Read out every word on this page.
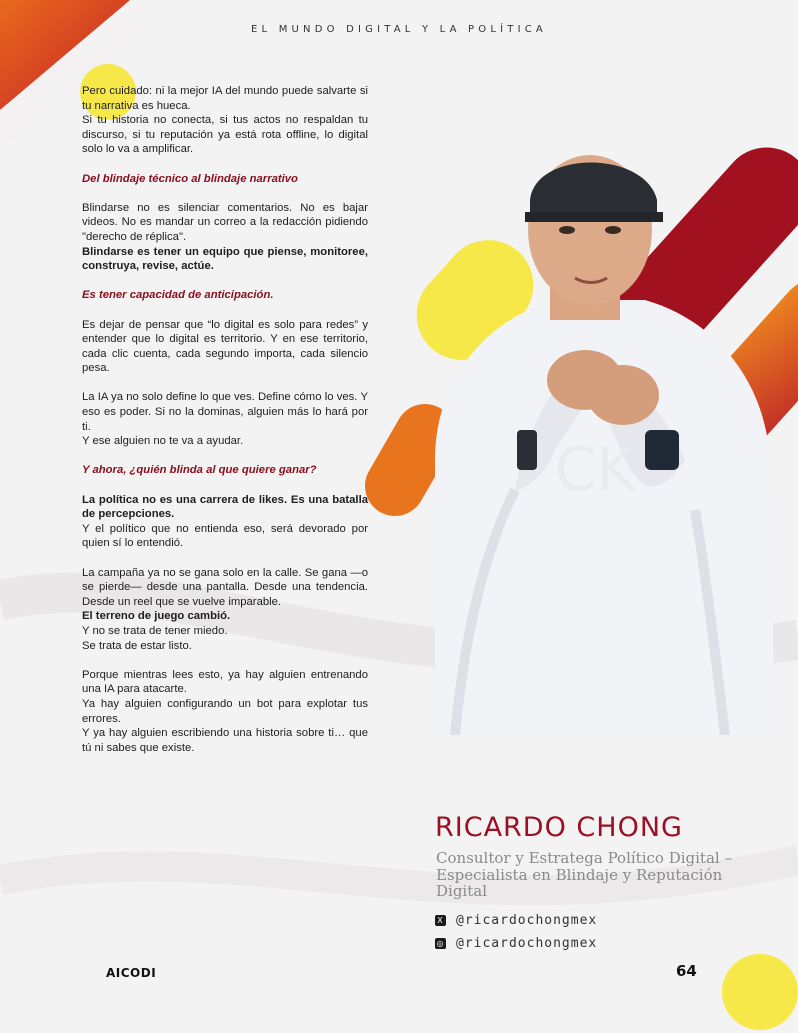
EL MUNDO DIGITAL Y LA POLÍTICA

Pero cuidado: ni la mejor IA del mundo puede salvarte si tu narrativa es hueca.

Si tu historia no conecta, si tus actos no respaldan tu discurso, si tu reputación ya está rota offline, lo digital solo lo va a amplificar.

Del blindaje técnico al blindaje narrativo

Blindarse no es silenciar comentarios. No es bajar videos. No es mandar un correo a la redacción pidiendo "derecho de réplica".

Blindarse es tener un equipo que piense, monitoree, construya, revise, actúe.

Es tener capacidad de anticipación.

Es dejar de pensar que “lo digital es solo para redes” y entender que lo digital es territorio. Y en ese territorio, cada clic cuenta, cada segundo importa, cada silencio pesa.

La IA ya no solo define lo que ves. Define cómo lo ves. Y eso es poder. Si no la dominas, alguien más lo hará por ti.

Y ese alguien no te va a ayudar.

Y ahora, ¿quién blinda al que quiere ganar?

La política no es una carrera de likes. Es una batalla de percepciones.

Y el político que no entienda eso, será devorado por quien sí lo entendió.

La campaña ya no se gana solo en la calle. Se gana —o se pierde— desde una pantalla. Desde una tendencia. Desde un reel que se vuelve imparable.

El terreno de juego cambió.

Y no se trata de tener miedo.

Se trata de estar listo.

Porque mientras lees esto, ya hay alguien entrenando una IA para atacarte.

Ya hay alguien configurando un bot para explotar tus errores.

Y ya hay alguien escribiendo una historia sobre ti… que tú ni sabes que existe.

CK
RICARDO CHONG
Consultor y Estratega Político Digital – Especialista en Blindaje y Reputación Digital
X @ricardochongmex
◎ @ricardochongmex
AICODI	64
